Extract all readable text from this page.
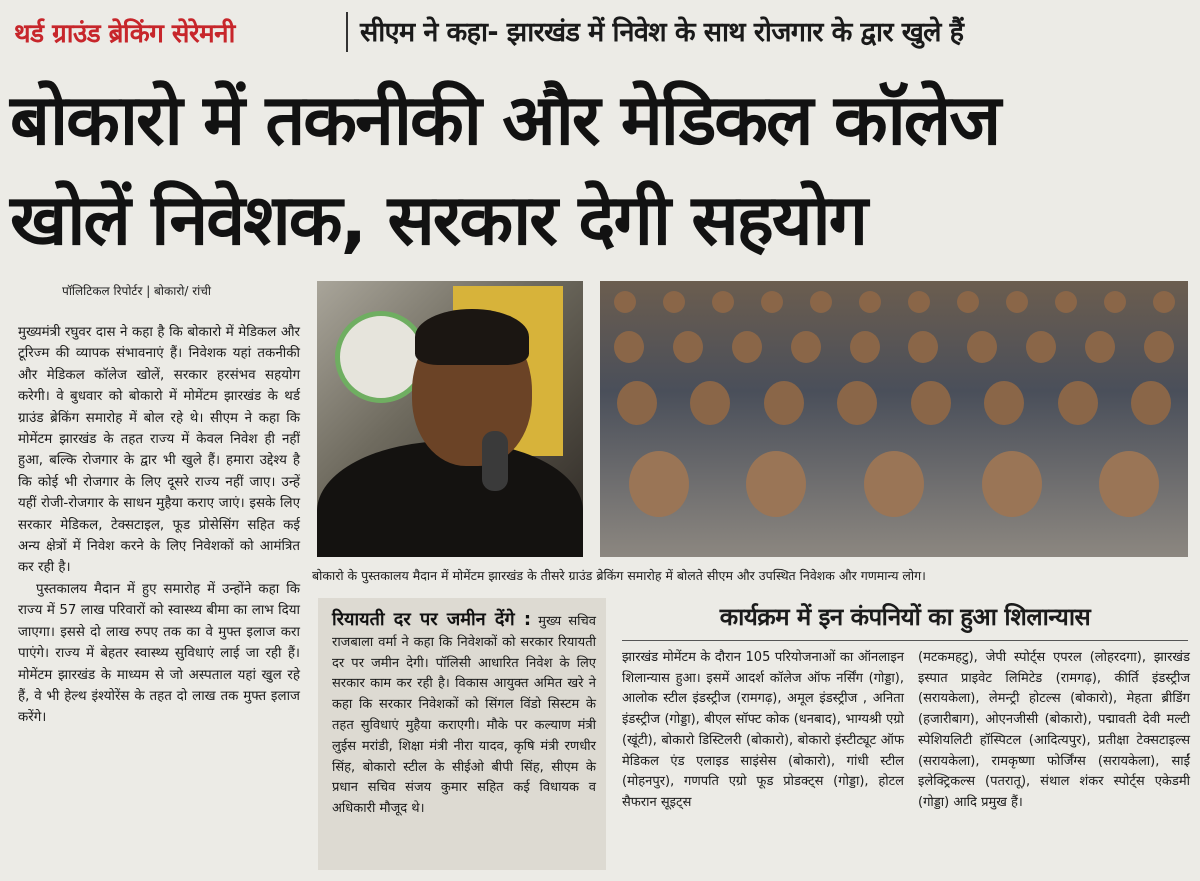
थर्ड ग्राउंड ब्रेकिंग सेरेमनी	सीएम ने कहा- झारखंड में निवेश के साथ रोजगार के द्वार खुले हैं
बोकारो में तकनीकी और मेडिकल कॉलेज
खोलें निवेशक, सरकार देगी सहयोग
पॉलिटिकल रिपोर्टर | बोकारो/ रांची

मुख्यमंत्री रघुवर दास ने कहा है कि बोकारो में मेडिकल और टूरिज्म की व्यापक संभावनाएं हैं। निवेशक यहां तकनीकी और मेडिकल कॉलेज खोलें, सरकार हरसंभव सहयोग करेगी। वे बुधवार को बोकारो में मोमेंटम झारखंड के थर्ड ग्राउंड ब्रेकिंग समारोह में बोल रहे थे। सीएम ने कहा कि मोमेंटम झारखंड के तहत राज्य में केवल निवेश ही नहीं हुआ, बल्कि रोजगार के द्वार भी खुले हैं। हमारा उद्देश्य है कि कोई भी रोजगार के लिए दूसरे राज्य नहीं जाए। उन्हें यहीं रोजी-रोजगार के साधन मुहैया कराए जाएं। इसके लिए सरकार मेडिकल, टेक्सटाइल, फूड प्रोसेसिंग सहित कई अन्य क्षेत्रों में निवेश करने के लिए निवेशकों को आमंत्रित कर रही है।

पुस्तकालय मैदान में हुए समारोह में उन्होंने कहा कि राज्य में 57 लाख परिवारों को स्वास्थ्य बीमा का लाभ दिया जाएगा। इससे दो लाख रुपए तक का वे मुफ्त इलाज करा पाएंगे। राज्य में बेहतर स्वास्थ्य सुविधाएं लाई जा रही हैं। मोमेंटम झारखंड के माध्यम से जो अस्पताल यहां खुल रहे हैं, वे भी हेल्थ इंश्योरेंस के तहत दो लाख तक मुफ्त इलाज करेंगे।

बोकारो के पुस्तकालय मैदान में मोमेंटम झारखंड के तीसरे ग्राउंड ब्रेकिंग समारोह में बोलते सीएम और उपस्थित निवेशक और गणमान्य लोग।
रियायती दर पर जमीन देंगे : मुख्य सचिव राजबाला वर्मा ने कहा कि निवेशकों को सरकार रियायती दर पर जमीन देगी। पॉलिसी आधारित निवेश के लिए सरकार काम कर रही है। विकास आयुक्त अमित खरे ने कहा कि सरकार निवेशकों को सिंगल विंडो सिस्टम के तहत सुविधाएं मुहैया कराएगी। मौके पर कल्याण मंत्री लुईस मरांडी, शिक्षा मंत्री नीरा यादव, कृषि मंत्री रणधीर सिंह, बोकारो स्टील के सीईओ बीपी सिंह, सीएम के प्रधान सचिव संजय कुमार सहित कई विधायक व अधिकारी मौजूद थे।
कार्यक्रम में इन कंपनियों का हुआ शिलान्यास

झारखंड मोमेंटम के दौरान 105 परियोजनाओं का ऑनलाइन शिलान्यास हुआ। इसमें आदर्श कॉलेज ऑफ नर्सिंग (गोड्डा), आलोक स्टील इंडस्ट्रीज (रामगढ़), अमूल इंडस्ट्रीज , अनिता इंडस्ट्रीज (गोड्डा), बीएल सॉफ्ट कोक (धनबाद), भाग्यश्री एग्रो (खूंटी), बोकारो डिस्टिलरी (बोकारो), बोकारो इंस्टीट्यूट ऑफ मेडिकल एंड एलाइड साइंसेस (बोकारो), गांधी स्टील (मोहनपुर), गणपति एग्रो फूड प्रोडक्ट्स (गोड्डा), होटल सैफरान सूइट्स

(मटकमहटु), जेपी स्पोर्ट्स एपरल (लोहरदगा), झारखंड इस्पात प्राइवेट लिमिटेड (रामगढ़), कीर्ति इंडस्ट्रीज (सरायकेला), लेमन्ट्री होटल्स (बोकारो), मेहता ब्रीडिंग (हजारीबाग), ओएनजीसी (बोकारो), पद्मावती देवी मल्टी स्पेशियलिटी हॉस्पिटल (आदित्यपुर), प्रतीक्षा टेक्सटाइल्स (सरायकेला), रामकृष्णा फोर्जिंग्स (सरायकेला), साईं इलेक्ट्रिकल्स (पतरातू), संथाल शंकर स्पोर्ट्स एकेडमी (गोड्डा) आदि प्रमुख हैं।
